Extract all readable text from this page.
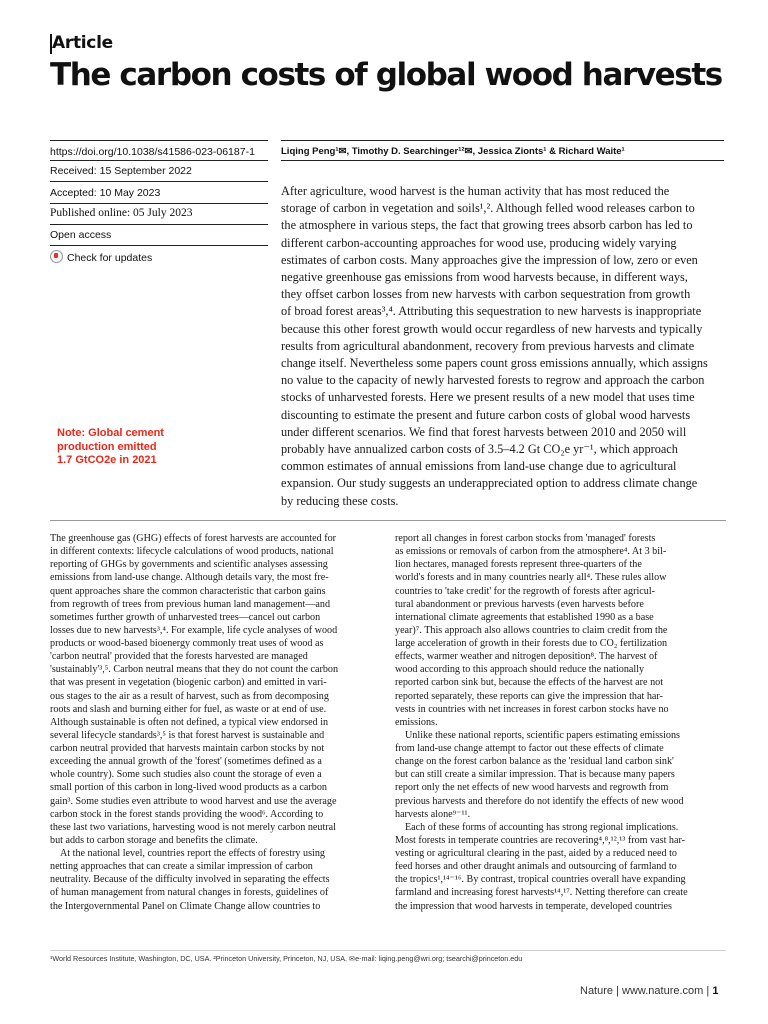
Article
The carbon costs of global wood harvests
https://doi.org/10.1038/s41586-023-06187-1
Received: 15 September 2022
Accepted: 10 May 2023
Published online: 05 July 2023
Open access
Check for updates
Liqing Peng¹✉, Timothy D. Searchinger¹²✉, Jessica Zionts¹ & Richard Waite¹

After agriculture, wood harvest is the human activity that has most reduced the

storage of carbon in vegetation and soils¹,². Although felled wood releases carbon to

the atmosphere in various steps, the fact that growing trees absorb carbon has led to

different carbon-accounting approaches for wood use, producing widely varying

estimates of carbon costs. Many approaches give the impression of low, zero or even

negative greenhouse gas emissions from wood harvests because, in different ways,

they offset carbon losses from new harvests with carbon sequestration from growth

of broad forest areas³,⁴. Attributing this sequestration to new harvests is inappropriate

because this other forest growth would occur regardless of new harvests and typically

results from agricultural abandonment, recovery from previous harvests and climate

change itself. Nevertheless some papers count gross emissions annually, which assigns

no value to the capacity of newly harvested forests to regrow and approach the carbon

stocks of unharvested forests. Here we present results of a new model that uses time

discounting to estimate the present and future carbon costs of global wood harvests

under different scenarios. We find that forest harvests between 2010 and 2050 will

probably have annualized carbon costs of 3.5–4.2 Gt CO₂e yr⁻¹, which approach

common estimates of annual emissions from land-use change due to agricultural

expansion. Our study suggests an underappreciated option to address climate change

by reducing these costs.

Note: Global cement
production emitted
1.7 GtCO2e in 2021

The greenhouse gas (GHG) effects of forest harvests are accounted for

in different contexts: lifecycle calculations of wood products, national

reporting of GHGs by governments and scientific analyses assessing

emissions from land-use change. Although details vary, the most fre-

quent approaches share the common characteristic that carbon gains

from regrowth of trees from previous human land management—and

sometimes further growth of unharvested trees—cancel out carbon

losses due to new harvests³,⁴. For example, life cycle analyses of wood

products or wood-based bioenergy commonly treat uses of wood as

'carbon neutral' provided that the forests harvested are managed

'sustainably'³,⁵. Carbon neutral means that they do not count the carbon

that was present in vegetation (biogenic carbon) and emitted in vari-

ous stages to the air as a result of harvest, such as from decomposing

roots and slash and burning either for fuel, as waste or at end of use.

Although sustainable is often not defined, a typical view endorsed in

several lifecycle standards³,⁵ is that forest harvest is sustainable and

carbon neutral provided that harvests maintain carbon stocks by not

exceeding the annual growth of the 'forest' (sometimes defined as a

whole country). Some such studies also count the storage of even a

small portion of this carbon in long-lived wood products as a carbon

gain³. Some studies even attribute to wood harvest and use the average

carbon stock in the forest stands providing the wood⁶. According to

these last two variations, harvesting wood is not merely carbon neutral

but adds to carbon storage and benefits the climate.

At the national level, countries report the effects of forestry using

netting approaches that can create a similar impression of carbon

neutrality. Because of the difficulty involved in separating the effects

of human management from natural changes in forests, guidelines of

the Intergovernmental Panel on Climate Change allow countries to

report all changes in forest carbon stocks from 'managed' forests

as emissions or removals of carbon from the atmosphere⁴. At 3 bil-

lion hectares, managed forests represent three-quarters of the

world's forests and in many countries nearly all⁴. These rules allow

countries to 'take credit' for the regrowth of forests after agricul-

tural abandonment or previous harvests (even harvests before

international climate agreements that established 1990 as a base

year)⁷. This approach also allows countries to claim credit from the

large acceleration of growth in their forests due to CO₂ fertilization

effects, warmer weather and nitrogen deposition⁸. The harvest of

wood according to this approach should reduce the nationally

reported carbon sink but, because the effects of the harvest are not

reported separately, these reports can give the impression that har-

vests in countries with net increases in forest carbon stocks have no

emissions.

Unlike these national reports, scientific papers estimating emissions

from land-use change attempt to factor out these effects of climate

change on the forest carbon balance as the 'residual land carbon sink'

but can still create a similar impression. That is because many papers

report only the net effects of new wood harvests and regrowth from

previous harvests and therefore do not identify the effects of new wood

harvests alone⁹⁻¹¹.

Each of these forms of accounting has strong regional implications.

Most forests in temperate countries are recovering⁴,⁸,¹²,¹³ from vast har-

vesting or agricultural clearing in the past, aided by a reduced need to

feed horses and other draught animals and outsourcing of farmland to

the tropics¹,¹⁴⁻¹⁶. By contrast, tropical countries overall have expanding

farmland and increasing forest harvests¹⁴,¹⁷. Netting therefore can create

the impression that wood harvests in temperate, developed countries

¹World Resources Institute, Washington, DC, USA. ²Princeton University, Princeton, NJ, USA. ✉e-mail: liqing.peng@wri.org; tsearchi@princeton.edu
Nature | www.nature.com | 1
